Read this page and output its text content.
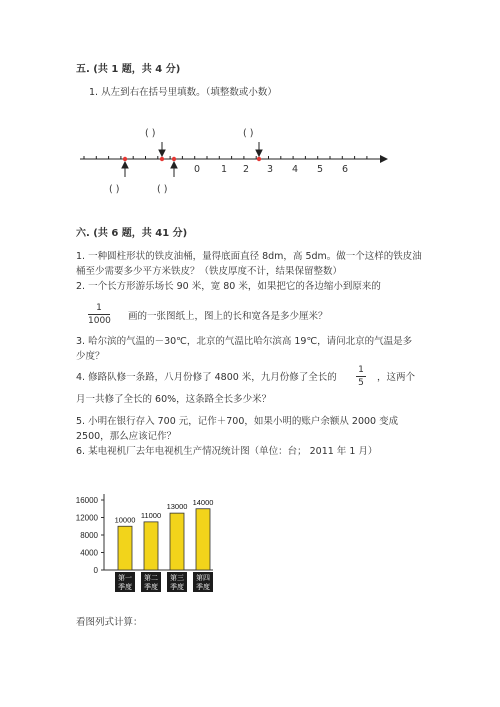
五. (共 1 题，共 4 分)
1. 从左到右在括号里填数。（填整数或小数）
0 1 2 3 4 5 6
( )	( )
( )	( )
六. (共 6 题，共 41 分)
1. 一种圆柱形状的铁皮油桶，量得底面直径 8dm，高 5dm。做一个这样的铁皮油
桶至少需要多少平方米铁皮？（铁皮厚度不计，结果保留整数）
2. 一个长方形游乐场长 90 米，宽 80 米，如果把它的各边缩小到原来的
1
1000 画的一张图纸上，图上的长和宽各是多少厘米？
3. 哈尔滨的气温的－30℃，北京的气温比哈尔滨高 19℃，请问北京的气温是多
少度？
4. 修路队修一条路，八月份修了 4800 米，九月份修了全长的
1
5 ，这两个
月一共修了全长的 60%，这条路全长多少米？
5. 小明在银行存入 700 元，记作＋700，如果小明的账户余额从 2000 变成
2500，那么应该记作？
6. 某电视机厂去年电视机生产情况统计图（单位：台； 2011 年 1 月）
0
4000
8000
12000
16000
10000
第一
季度
11000
第二
季度
13000
第三
季度
14000
第四
季度
看图列式计算：
